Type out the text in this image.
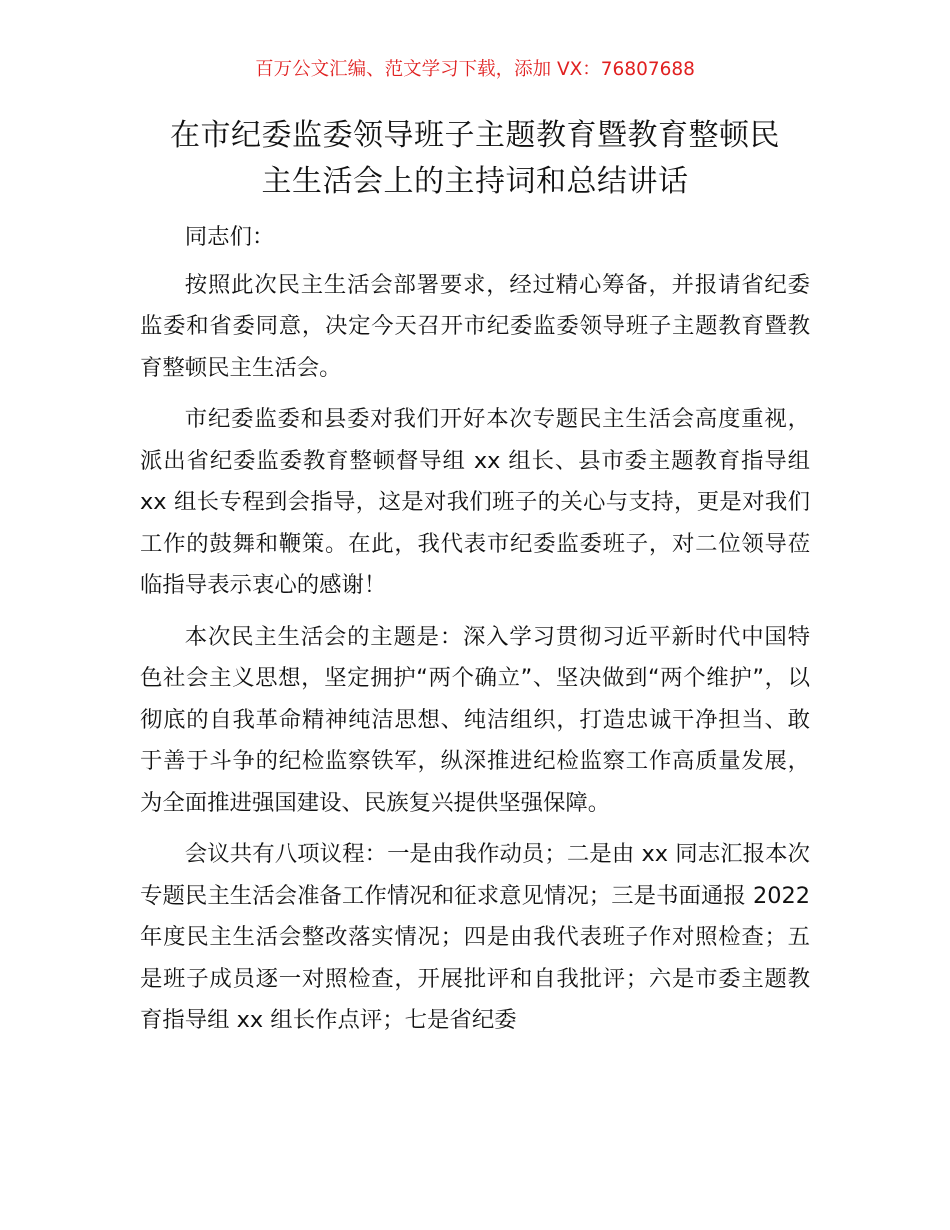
百万公文汇编、范文学习下载，添加 VX：76807688
在市纪委监委领导班子主题教育暨教育整顿民
主生活会上的主持词和总结讲话

同志们：

按照此次民主生活会部署要求，经过精心筹备，并报请省纪委监委和省委同意，决定今天召开市纪委监委领导班子主题教育暨教育整顿民主生活会。

市纪委监委和县委对我们开好本次专题民主生活会高度重视，派出省纪委监委教育整顿督导组 xx 组长、县市委主题教育指导组 xx 组长专程到会指导，这是对我们班子的关心与支持，更是对我们工作的鼓舞和鞭策。在此，我代表市纪委监委班子，对二位领导莅临指导表示衷心的感谢！

本次民主生活会的主题是：深入学习贯彻习近平新时代中国特色社会主义思想，坚定拥护“两个确立”、坚决做到“两个维护”，以彻底的自我革命精神纯洁思想、纯洁组织，打造忠诚干净担当、敢于善于斗争的纪检监察铁军，纵深推进纪检监察工作高质量发展，为全面推进强国建设、民族复兴提供坚强保障。

会议共有八项议程：一是由我作动员；二是由 xx 同志汇报本次专题民主生活会准备工作情况和征求意见情况；三是书面通报 2022 年度民主生活会整改落实情况；四是由我代表班子作对照检查；五是班子成员逐一对照检查，开展批评和自我批评；六是市委主题教育指导组 xx 组长作点评；七是省纪委
